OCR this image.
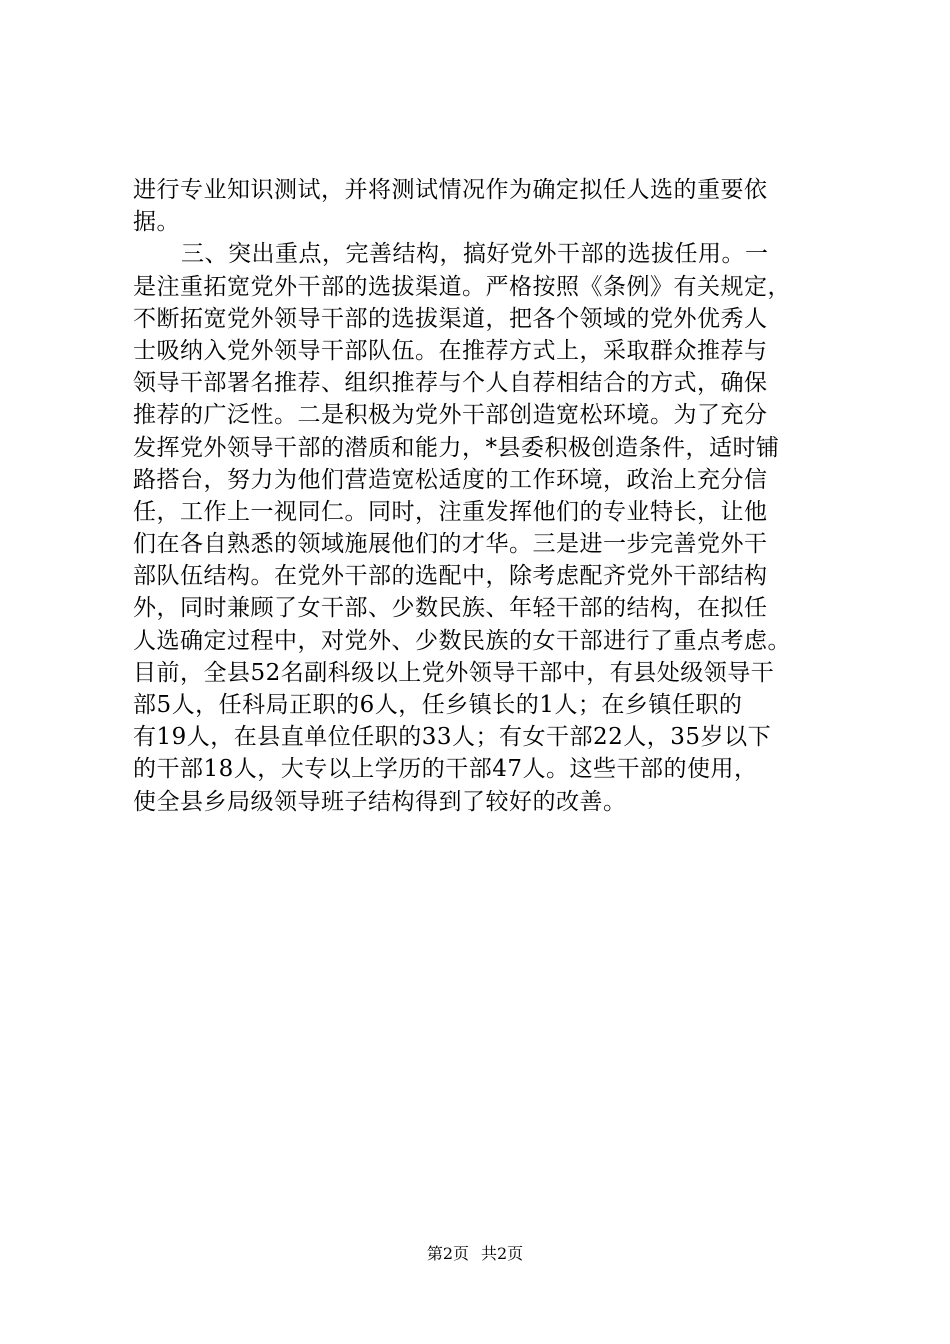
进行专业知识测试，并将测试情况作为确定拟任人选的重要依
据。
三、突出重点，完善结构，搞好党外干部的选拔任用。一
是注重拓宽党外干部的选拔渠道。严格按照《条例》有关规定，
不断拓宽党外领导干部的选拔渠道，把各个领域的党外优秀人
士吸纳入党外领导干部队伍。在推荐方式上，采取群众推荐与
领导干部署名推荐、组织推荐与个人自荐相结合的方式，确保
推荐的广泛性。二是积极为党外干部创造宽松环境。为了充分
发挥党外领导干部的潜质和能力，*县委积极创造条件，适时铺
路搭台，努力为他们营造宽松适度的工作环境，政治上充分信
任，工作上一视同仁。同时，注重发挥他们的专业特长，让他
们在各自熟悉的领域施展他们的才华。三是进一步完善党外干
部队伍结构。在党外干部的选配中，除考虑配齐党外干部结构
外，同时兼顾了女干部、少数民族、年轻干部的结构，在拟任
人选确定过程中，对党外、少数民族的女干部进行了重点考虑。
目前，全县52名副科级以上党外领导干部中，有县处级领导干
部5人，任科局正职的6人，任乡镇长的1人；在乡镇任职的
有19人，在县直单位任职的33人；有女干部22人，35岁以下
的干部18人，大专以上学历的干部47人。这些干部的使用，
使全县乡局级领导班子结构得到了较好的改善。
第2页 共2页
